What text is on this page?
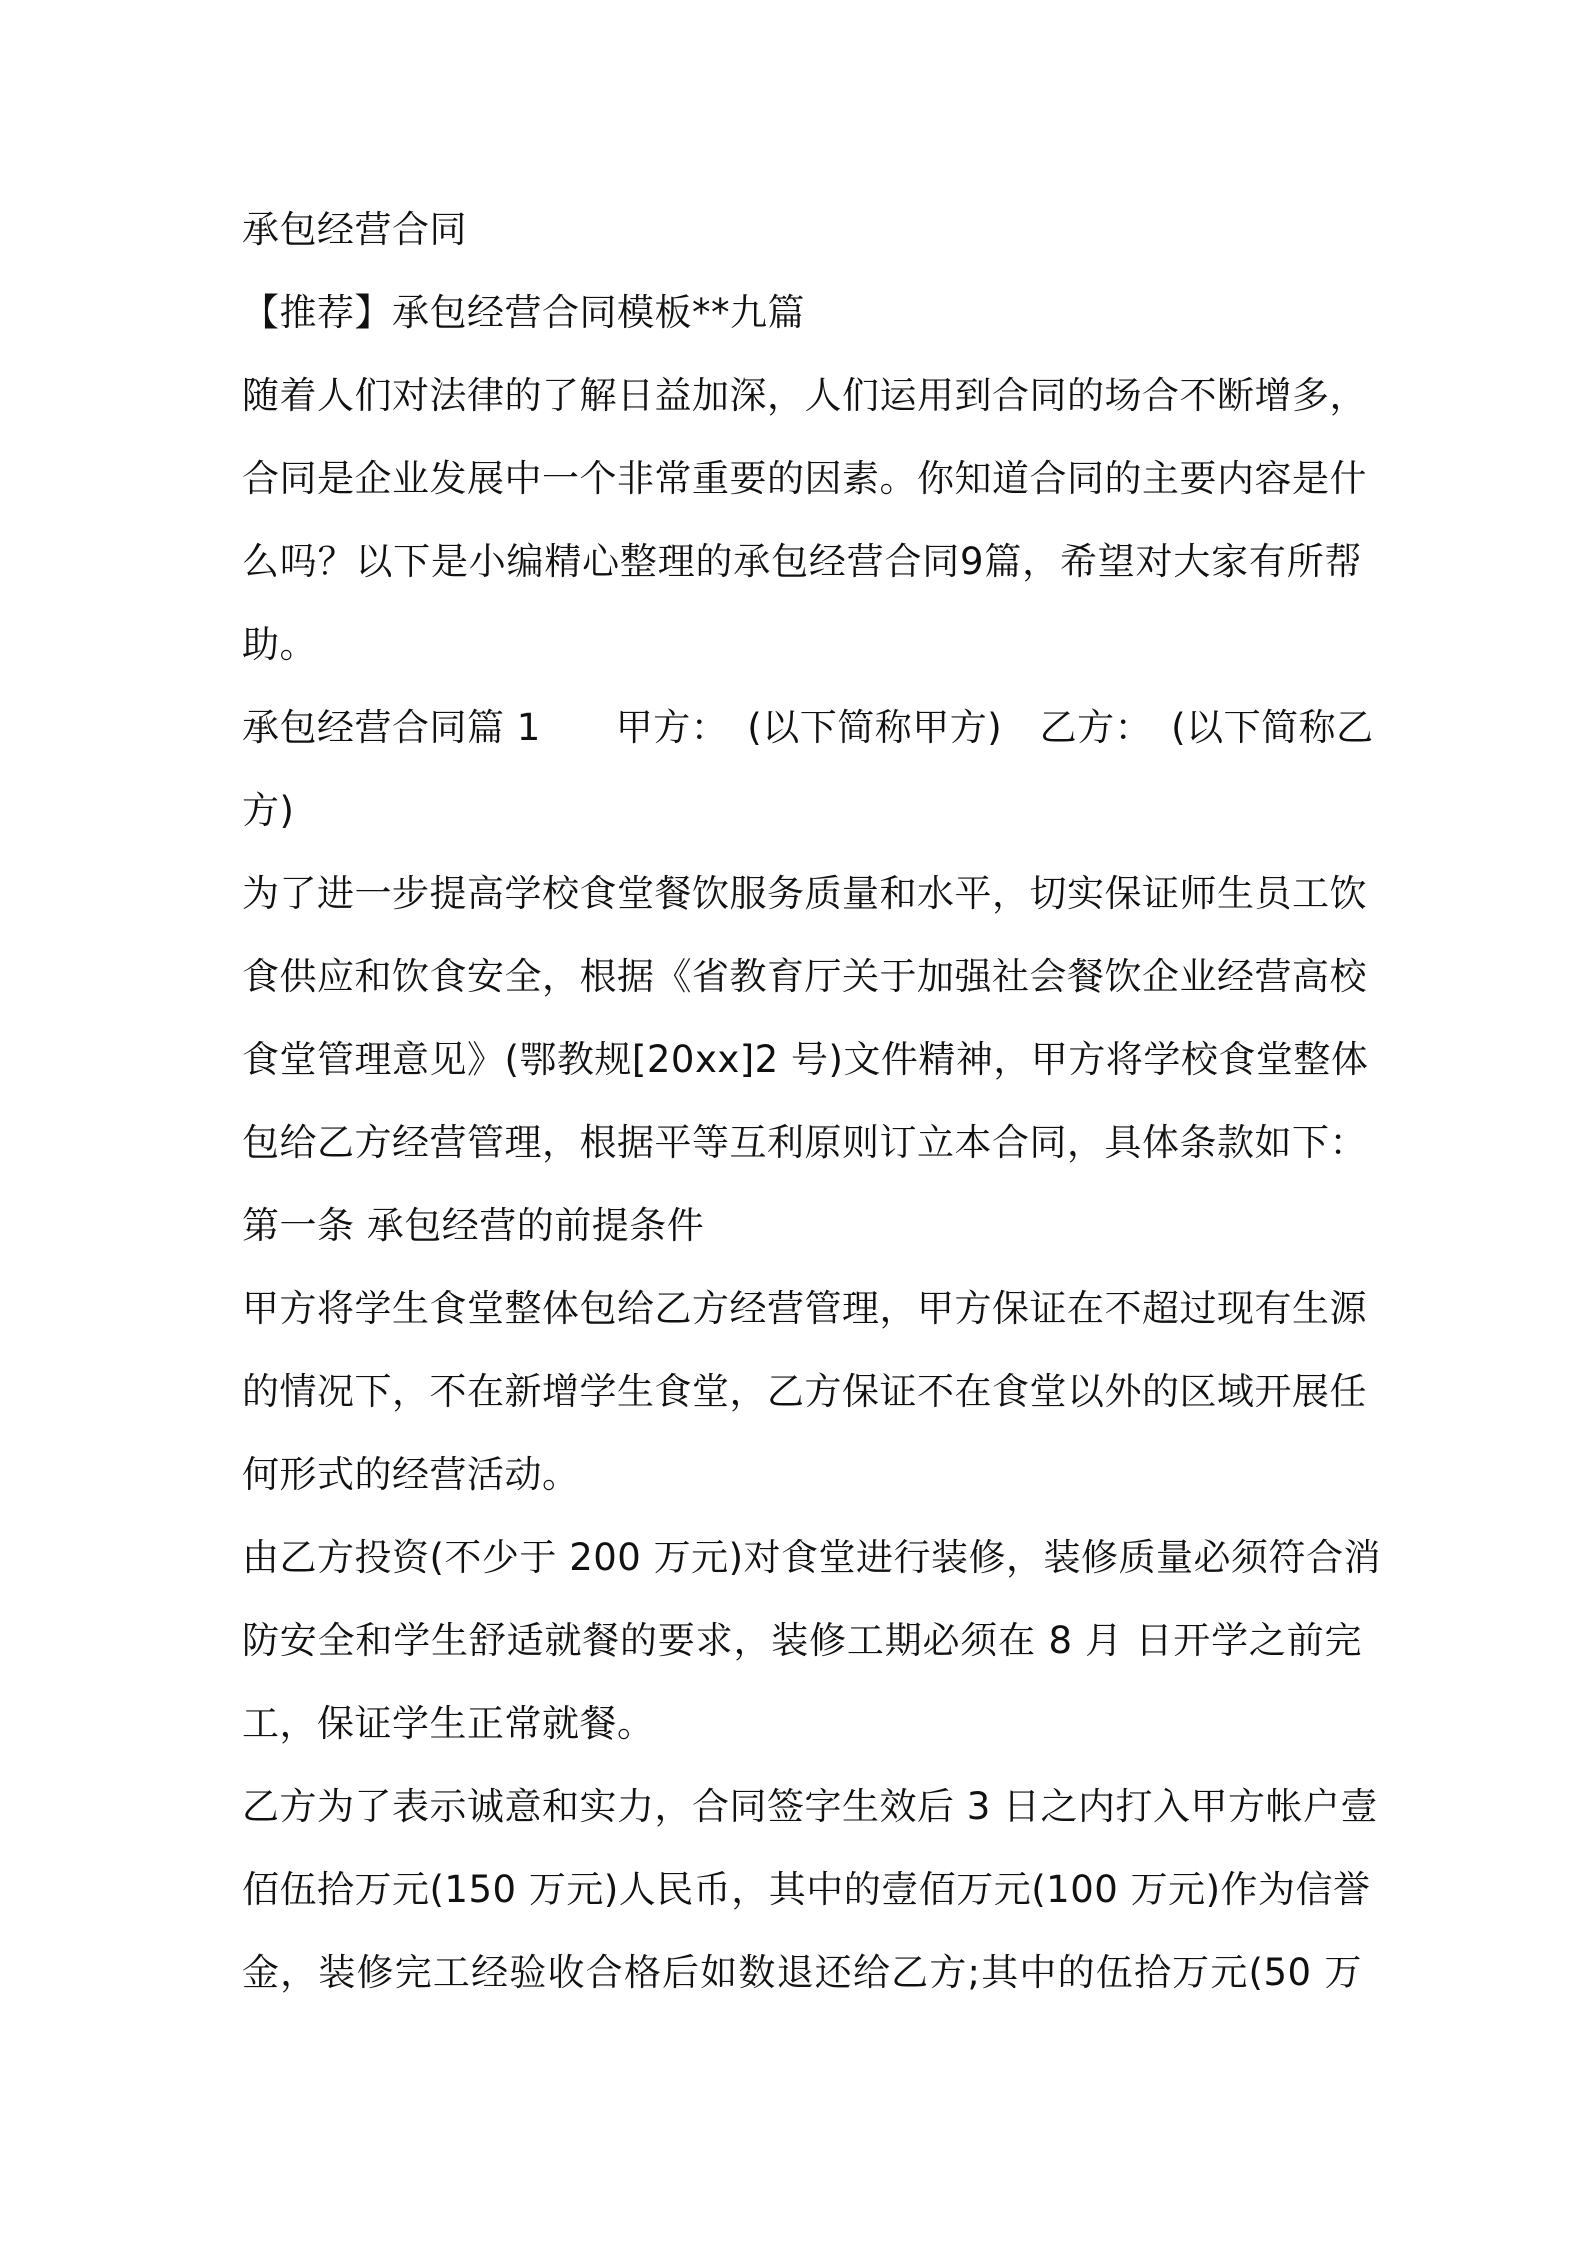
承包经营合同
【推荐】承包经营合同模板**九篇
随着人们对法律的了解日益加深，人们运用到合同的场合不断增多，
合同是企业发展中一个非常重要的因素。你知道合同的主要内容是什
么吗？以下是小编精心整理的承包经营合同9篇，希望对大家有所帮
助。
承包经营合同篇 1　　甲方：　(以下简称甲方)　乙方：　(以下简称乙
方)
为了进一步提高学校食堂餐饮服务质量和水平，切实保证师生员工饮
食供应和饮食安全，根据《省教育厅关于加强社会餐饮企业经营高校
食堂管理意见》(鄂教规[20xx]2 号)文件精神，甲方将学校食堂整体
包给乙方经营管理，根据平等互利原则订立本合同，具体条款如下：
第一条 承包经营的前提条件
甲方将学生食堂整体包给乙方经营管理，甲方保证在不超过现有生源
的情况下，不在新增学生食堂，乙方保证不在食堂以外的区域开展任
何形式的经营活动。
由乙方投资(不少于 200 万元)对食堂进行装修，装修质量必须符合消
防安全和学生舒适就餐的要求，装修工期必须在 8 月 日开学之前完
工，保证学生正常就餐。
乙方为了表示诚意和实力，合同签字生效后 3 日之内打入甲方帐户壹
佰伍拾万元(150 万元)人民币，其中的壹佰万元(100 万元)作为信誉
金，装修完工经验收合格后如数退还给乙方;其中的伍拾万元(50 万
